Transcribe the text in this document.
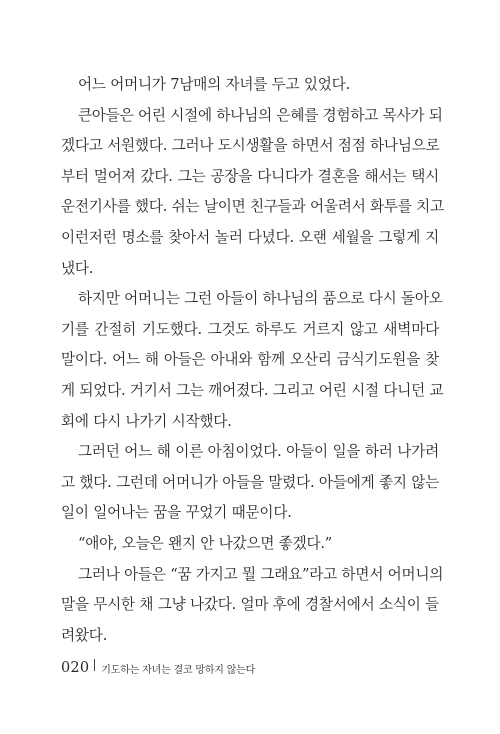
어느 어머니가 7남매의 자녀를 두고 있었다.
큰아들은 어린 시절에 하나님의 은혜를 경험하고 목사가 되
겠다고 서원했다. 그러나 도시생활을 하면서 점점 하나님으로
부터 멀어져 갔다. 그는 공장을 다니다가 결혼을 해서는 택시
운전기사를 했다. 쉬는 날이면 친구들과 어울려서 화투를 치고
이런저런 명소를 찾아서 놀러 다녔다. 오랜 세월을 그렇게 지
냈다.
하지만 어머니는 그런 아들이 하나님의 품으로 다시 돌아오
기를 간절히 기도했다. 그것도 하루도 거르지 않고 새벽마다
말이다. 어느 해 아들은 아내와 함께 오산리 금식기도원을 찾
게 되었다. 거기서 그는 깨어졌다. 그리고 어린 시절 다니던 교
회에 다시 나가기 시작했다.
그러던 어느 해 이른 아침이었다. 아들이 일을 하러 나가려
고 했다. 그런데 어머니가 아들을 말렸다. 아들에게 좋지 않는
일이 일어나는 꿈을 꾸었기 때문이다.
“애야, 오늘은 왠지 안 나갔으면 좋겠다.”
그러나 아들은 “꿈 가지고 뭘 그래요”라고 하면서 어머니의
말을 무시한 채 그냥 나갔다. 얼마 후에 경찰서에서 소식이 들
려왔다.
020 기도하는 자녀는 결코 망하지 않는다
